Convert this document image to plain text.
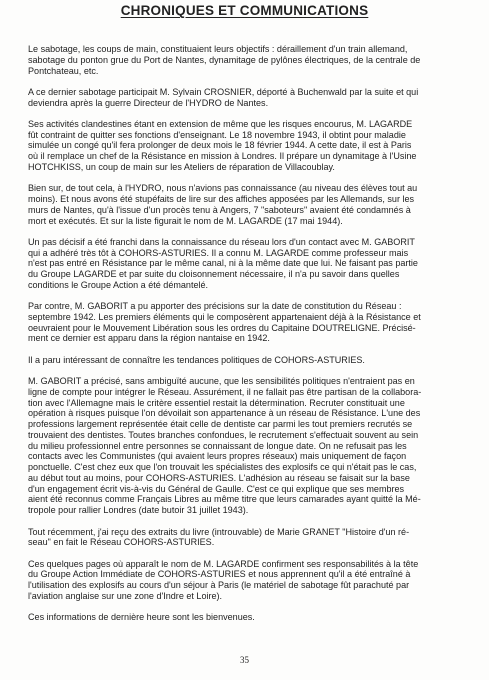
CHRONIQUES ET COMMUNICATIONS

Le sabotage, les coups de main, constituaient leurs objectifs : déraillement d'un train allemand,
sabotage du ponton grue du Port de Nantes, dynamitage de pylônes électriques, de la centrale de
Pontchateau, etc.

A ce dernier sabotage participait M. Sylvain CROSNIER, déporté à Buchenwald par la suite et qui
deviendra après la guerre Directeur de l'HYDRO de Nantes.

Ses activités clandestines étant en extension de même que les risques encourus, M. LAGARDE
fût contraint de quitter ses fonctions d'enseignant. Le 18 novembre 1943, il obtint pour maladie
simulée un congé qu'il fera prolonger de deux mois le 18 février 1944. A cette date, il est à Paris
où il remplace un chef de la Résistance en mission à Londres. Il prépare un dynamitage à l'Usine
HOTCHKISS, un coup de main sur les Ateliers de réparation de Villacoublay.

Bien sur, de tout cela, à l'HYDRO, nous n'avions pas connaissance (au niveau des élèves tout au
moins). Et nous avons été stupéfaits de lire sur des affiches apposées par les Allemands, sur les
murs de Nantes, qu'à l'issue d'un procès tenu à Angers, 7 "saboteurs" avaient été condamnés à
mort et exécutés. Et sur la liste figurait le nom de M. LAGARDE (17 mai 1944).

Un pas décisif a été franchi dans la connaissance du réseau lors d'un contact avec M. GABORIT
qui a adhéré très tôt à COHORS-ASTURIES. Il a connu M. LAGARDE comme professeur mais
n'est pas entré en Résistance par le même canal, ni à la même date que lui. Ne faisant pas partie
du Groupe LAGARDE et par suite du cloisonnement nécessaire, il n'a pu savoir dans quelles
conditions le Groupe Action a été démantelé.

Par contre, M. GABORIT a pu apporter des précisions sur la date de constitution du Réseau :
septembre 1942. Les premiers éléments qui le composèrent appartenaient déjà à la Résistance et
oeuvraient pour le Mouvement Libération sous les ordres du Capitaine DOUTRELIGNE. Précisé-
ment ce dernier est apparu dans la région nantaise en 1942.

Il a paru intéressant de connaître les tendances politiques de COHORS-ASTURIES.

M. GABORIT a précisé, sans ambiguïté aucune, que les sensibilités politiques n'entraient pas en
ligne de compte pour intégrer le Réseau. Assurément, il ne fallait pas être partisan de la collabora-
tion avec l'Allemagne mais le critère essentiel restait la détermination. Recruter constituait une
opération à risques puisque l'on dévoilait son appartenance à un réseau de Résistance. L'une des
professions largement représentée était celle de dentiste car parmi les tout premiers recrutés se
trouvaient des dentistes. Toutes branches confondues, le recrutement s'effectuait souvent au sein
du milieu professionnel entre personnes se connaissant de longue date. On ne refusait pas les
contacts avec les Communistes (qui avaient leurs propres réseaux) mais uniquement de façon
ponctuelle. C'est chez eux que l'on trouvait les spécialistes des explosifs ce qui n'était pas le cas,
au début tout au moins, pour COHORS-ASTURIES. L'adhésion au réseau se faisait sur la base
d'un engagement écrit vis-à-vis du Général de Gaulle. C'est ce qui explique que ses membres
aient été reconnus comme Français Libres au même titre que leurs camarades ayant quitté la Mé-
tropole pour rallier Londres (date butoir 31 juillet 1943).

Tout récemment, j'ai reçu des extraits du livre (introuvable) de Marie GRANET "Histoire d'un ré-
seau" en fait le Réseau COHORS-ASTURIES.

Ces quelques pages où apparaît le nom de M. LAGARDE confirment ses responsabilités à la tête
du Groupe Action Immédiate de COHORS-ASTURIES et nous apprennent qu'il a été entraîné à
l'utilisation des explosifs au cours d'un séjour à Paris (le matériel de sabotage fût parachuté par
l'aviation anglaise sur une zone d'Indre et Loire).

Ces informations de dernière heure sont les bienvenues.

35
